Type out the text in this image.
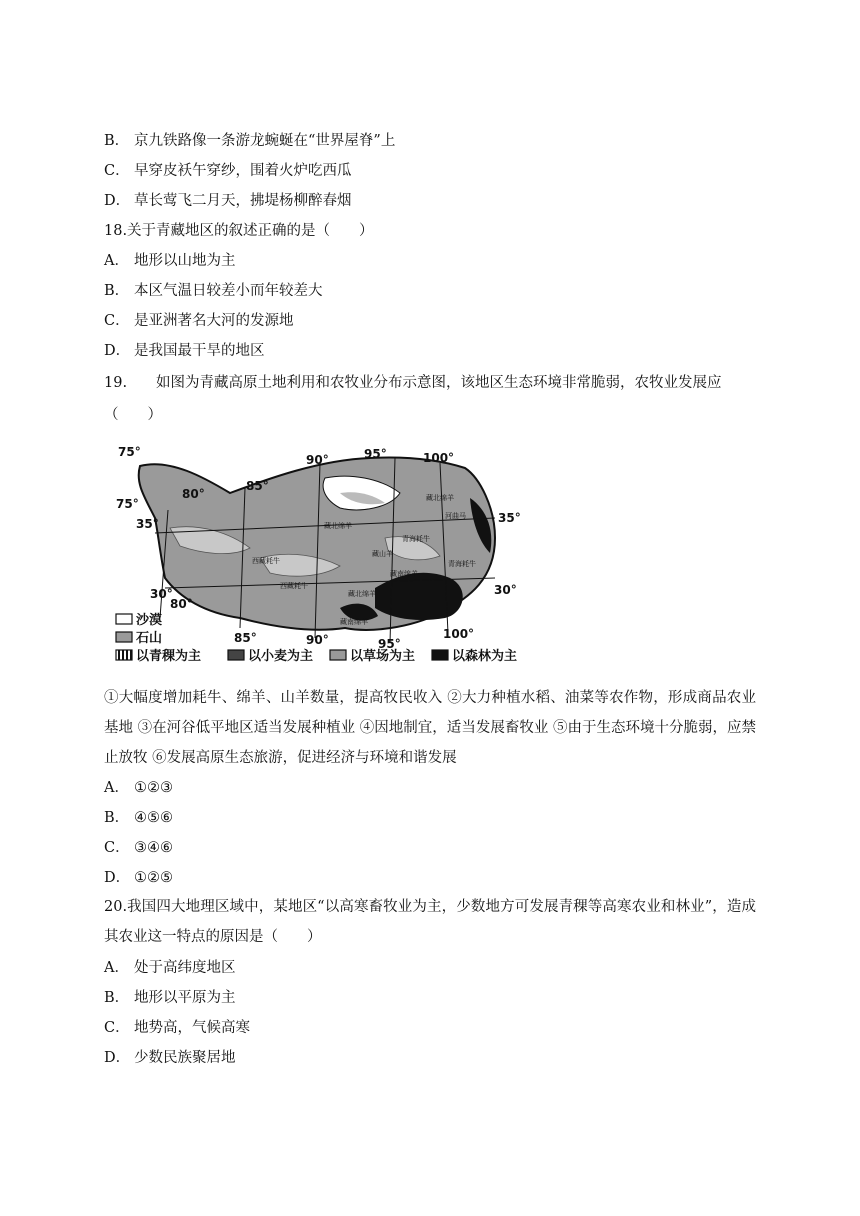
B． 京九铁路像一条游龙蜿蜒在“世界屋脊”上
C． 早穿皮袄午穿纱，围着火炉吃西瓜
D． 草长莺飞二月天，拂堤杨柳醉春烟
18.关于青藏地区的叙述正确的是（　　）
A． 地形以山地为主
B． 本区气温日较差小而年较差大
C． 是亚洲著名大河的发源地
D． 是我国最干旱的地区
19.　　如图为青藏高原土地利用和农牧业分布示意图，该地区生态环境非常脆弱，农牧业发展应
（　　）
75°
80°
85°
90°	95°	100°
75°
80°
85°	90°	95°
100°
35°
30°
35°
30°
藏北绵羊
藏北绵羊
河曲马
青海耗牛
西藏耗牛
藏山羊
青海耗牛
藏南绵羊
西藏耗牛
藏北绵羊
藏南绵羊
沙漠
石山
以青稞为主	以小麦为主	以草场为主	以森林为主
①大幅度增加耗牛、绵羊、山羊数量，提高牧民收入 ②大力种植水稻、油菜等农作物，形成商品农业基地 ③在河谷低平地区适当发展种植业 ④因地制宜，适当发展畜牧业 ⑤由于生态环境十分脆弱，应禁止放牧 ⑥发展高原生态旅游，促进经济与环境和谐发展
A． ①②③
B． ④⑤⑥
C． ③④⑥
D． ①②⑤
20.我国四大地理区域中，某地区“以高寒畜牧业为主，少数地方可发展青稞等高寒农业和林业”，造成其农业这一特点的原因是（　　）
A． 处于高纬度地区
B． 地形以平原为主
C． 地势高，气候高寒
D． 少数民族聚居地
